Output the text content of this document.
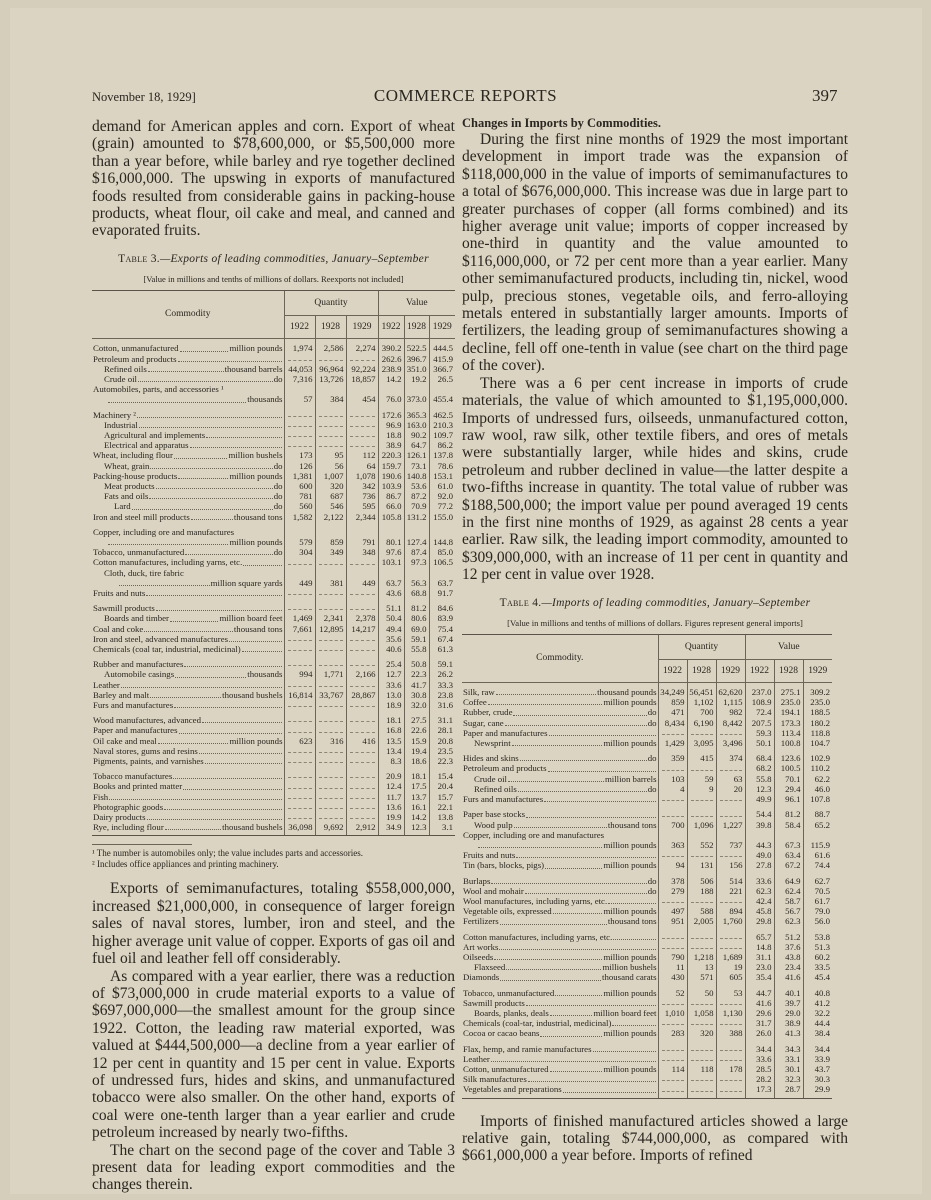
November 18, 1929]	COMMERCE REPORTS	397

demand for American apples and corn. Export of wheat (grain) amounted to $78,600,000, or $5,500,000 more than a year before, while barley and rye together declined $16,000,000. The upswing in exports of manufactured foods resulted from considerable gains in packing-house products, wheat flour, oil cake and meal, and canned and evaporated fruits.

Table 3.—Exports of leading commodities, January–September
[Value in millions and tenths of millions of dollars. Reexports not included]
Commodity	Quantity			Value		
	1922	1928	1929	1922	1928	1929

Cotton, unmanufactured million pounds	1,974	2,586	2,274	390.2	522.5	444.5

Petroleum and products				262.6	396.7	415.9

Refined oils thousand barrels	44,053	96,964	92,224	238.9	351.0	366.7

Crude oil do	7,316	13,726	18,857	14.2	19.2	26.5
Automobiles, parts, and accessories ¹						

thousands	57	384	454	76.0	373.0	455.4

Machinery ²				172.6	365.3	462.5

Industrial				96.9	163.0	210.3

Agricultural and implements				18.8	90.2	109.7

Electrical and apparatus				38.9	64.7	86.2

Wheat, including flour million bushels	173	95	112	220.3	126.1	137.8

Wheat, grain do	126	56	64	159.7	73.1	78.6

Packing-house products million pounds	1,381	1,007	1,078	190.6	140.8	153.1

Meat products do	600	320	342	103.9	53.6	61.0

Fats and oils do	781	687	736	86.7	87.2	92.0

Lard do	560	546	595	66.0	70.9	77.2

Iron and steel mill products thousand tons	1,582	2,122	2,344	105.8	131.2	155.0
Copper, including ore and manufactures						

million pounds	579	859	791	80.1	127.4	144.8

Tobacco, unmanufactured do	304	349	348	97.6	87.4	85.0

Cotton manufactures, including yarns, etc.				103.1	97.3	106.5
Cloth, duck, tire fabric						

million square yards	449	381	449	63.7	56.3	63.7

Fruits and nuts				43.6	68.8	91.7

Sawmill products				51.1	81.2	84.6

Boards and timber million board feet	1,469	2,341	2,378	50.4	80.6	83.9

Coal and coke thousand tons	7,661	12,895	14,217	49.4	69.0	75.4

Iron and steel, advanced manufactures				35.6	59.1	67.4

Chemicals (coal tar, industrial, medicinal)				40.6	55.8	61.3

Rubber and manufactures				25.4	50.8	59.1

Automobile casings thousands	994	1,771	2,166	12.7	22.3	26.2

Leather				33.6	41.7	33.3

Barley and malt thousand bushels	16,814	33,767	28,867	13.0	30.8	23.8

Furs and manufactures				18.9	32.0	31.6

Wood manufactures, advanced				18.1	27.5	31.1

Paper and manufactures				16.8	22.6	28.1

Oil cake and meal million pounds	623	316	416	13.5	15.9	20.8

Naval stores, gums and resins				13.4	19.4	23.5

Pigments, paints, and varnishes				8.3	18.6	22.3

Tobacco manufactures				20.9	18.1	15.4

Books and printed matter				12.4	17.5	20.4

Fish				11.7	13.7	15.7

Photographic goods				13.6	16.1	22.1

Dairy products				19.9	14.2	13.8

Rye, including flour thousand bushels	36,098	9,692	2,912	34.9	12.3	3.1
¹ The number is automobiles only; the value includes parts and accessories.
² Includes office appliances and printing machinery.

Exports of semimanufactures, totaling $558,000,000, increased $21,000,000, in consequence of larger foreign sales of naval stores, lumber, iron and steel, and the higher average unit value of copper. Exports of gas oil and fuel oil and leather fell off considerably.

As compared with a year earlier, there was a reduction of $73,000,000 in crude material exports to a value of $697,000,000—the smallest amount for the group since 1922. Cotton, the leading raw material exported, was valued at $444,500,000—a decline from a year earlier of 12 per cent in quantity and 15 per cent in value. Exports of undressed furs, hides and skins, and unmanufactured tobacco were also smaller. On the other hand, exports of coal were one-tenth larger than a year earlier and crude petroleum increased by nearly two-fifths.

The chart on the second page of the cover and Table 3 present data for leading export commodities and the changes therein.

Changes in Imports by Commodities.

During the first nine months of 1929 the most important development in import trade was the expansion of $118,000,000 in the value of imports of semimanufactures to a total of $676,000,000. This increase was due in large part to greater purchases of copper (all forms combined) and its higher average unit value; imports of copper increased by one-third in quantity and the value amounted to $116,000,000, or 72 per cent more than a year earlier. Many other semimanufactured products, including tin, nickel, wood pulp, precious stones, vegetable oils, and ferro-alloying metals entered in substantially larger amounts. Imports of fertilizers, the leading group of semimanufactures showing a decline, fell off one-tenth in value (see chart on the third page of the cover).

There was a 6 per cent increase in imports of crude materials, the value of which amounted to $1,195,000,000. Imports of undressed furs, oilseeds, unmanufactured cotton, raw wool, raw silk, other textile fibers, and ores of metals were substantially larger, while hides and skins, crude petroleum and rubber declined in value—the latter despite a two-fifths increase in quantity. The total value of rubber was $188,500,000; the import value per pound averaged 19 cents in the first nine months of 1929, as against 28 cents a year earlier. Raw silk, the leading import commodity, amounted to $309,000,000, with an increase of 11 per cent in quantity and 12 per cent in value over 1928.

Table 4.—Imports of leading commodities, January–September
[Value in millions and tenths of millions of dollars. Figures represent general imports]
Commodity.	Quantity			Value		
	1922	1928	1929	1922	1928	1929

Silk, raw thousand pounds	34,249	56,451	62,620	237.0	275.1	309.2

Coffee million pounds	859	1,102	1,115	108.9	235.0	235.0

Rubber, crude do	471	700	982	72.4	194.1	188.5

Sugar, cane do	8,434	6,190	8,442	207.5	173.3	180.2

Paper and manufactures				59.3	113.4	118.8

Newsprint million pounds	1,429	3,095	3,496	50.1	100.8	104.7

Hides and skins do	359	415	374	68.4	123.6	102.9

Petroleum and products				68.2	100.5	110.2

Crude oil million barrels	103	59	63	55.8	70.1	62.2

Refined oils do	4	9	20	12.3	29.4	46.0

Furs and manufactures				49.9	96.1	107.8

Paper base stocks				54.4	81.2	88.7

Wood pulp thousand tons	700	1,096	1,227	39.8	58.4	65.2
Copper, including ore and manufactures						

million pounds	363	552	737	44.3	67.3	115.9

Fruits and nuts				49.0	63.4	61.6

Tin (bars, blocks, pigs) million pounds	94	131	156	27.8	67.2	74.4

Burlaps do	378	506	514	33.6	64.9	62.7

Wool and mohair do	279	188	221	62.3	62.4	70.5

Wool manufactures, including yarns, etc.				42.4	58.7	61.7

Vegetable oils, expressed million pounds	497	588	894	45.8	56.7	79.0

Fertilizers thousand tons	951	2,005	1,760	29.8	62.3	56.0

Cotton manufactures, including yarns, etc.				65.7	51.2	53.8

Art works				14.8	37.6	51.3

Oilseeds million pounds	790	1,218	1,689	31.1	43.8	60.2

Flaxseed million bushels	11	13	19	23.0	23.4	33.5

Diamonds thousand carats	430	571	605	35.4	41.6	45.4

Tobacco, unmanufactured million pounds	52	50	53	44.7	40.1	40.8

Sawmill products				41.6	39.7	41.2

Boards, planks, deals million board feet	1,010	1,058	1,130	29.6	29.0	32.2

Chemicals (coal-tar, industrial, medicinal)				31.7	38.9	44.4

Cocoa or cacao beans million pounds	283	320	388	26.0	41.3	38.4

Flax, hemp, and ramie manufactures				34.4	34.3	34.4

Leather				33.6	33.1	33.9

Cotton, unmanufactured million pounds	114	118	178	28.5	30.1	43.7

Silk manufactures				28.2	32.3	30.3

Vegetables and preparations				17.3	28.7	29.9

Imports of finished manufactured articles showed a large relative gain, totaling $744,000,000, as compared with $661,000,000 a year before. Imports of refined
